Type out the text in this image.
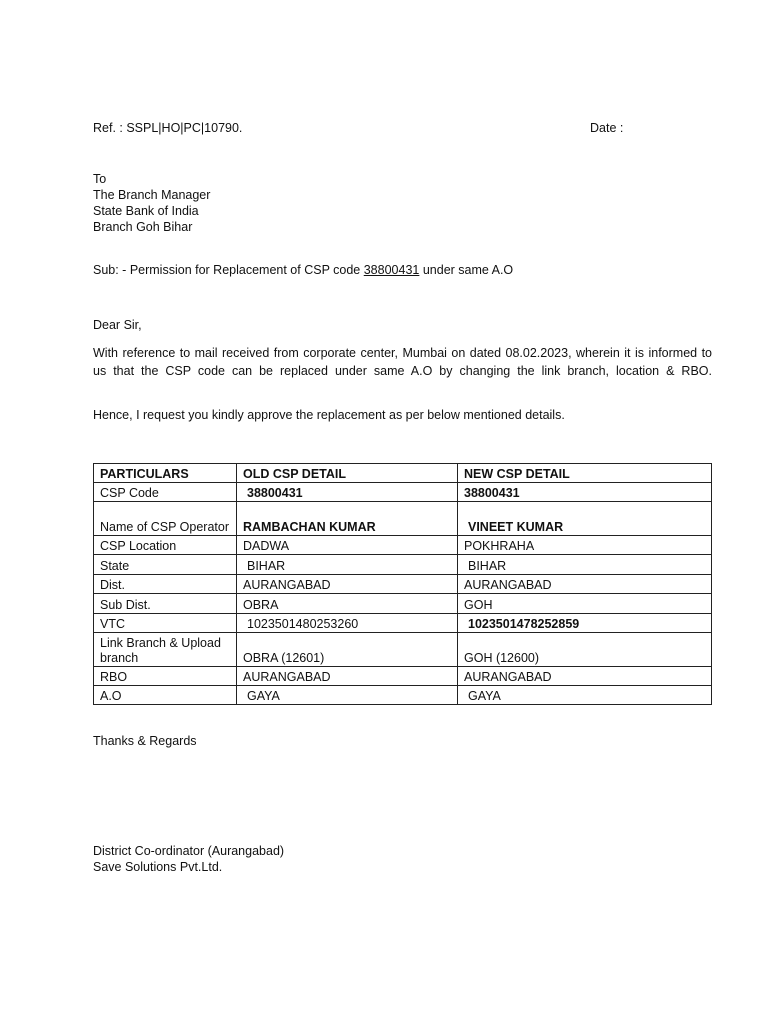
Ref. : SSPL|HO|PC|10790.	Date :
To
The Branch Manager
State Bank of India
Branch Goh Bihar
Sub: - Permission for Replacement of CSP code 38800431 under same A.O
Dear Sir,
With reference to mail received from corporate center, Mumbai on dated 08.02.2023, wherein it is informed to us that the CSP code can be replaced under same A.O by changing the link branch, location & RBO.
Hence, I request you kindly approve the replacement as per below mentioned details.
PARTICULARS	OLD CSP DETAIL	NEW CSP DETAIL
CSP Code	38800431	38800431
Name of CSP Operator	RAMBACHAN KUMAR	VINEET KUMAR
CSP Location	DADWA	POKHRAHA
State	BIHAR	BIHAR
Dist.	AURANGABAD	AURANGABAD
Sub Dist.	OBRA	GOH
VTC	1023501480253260	1023501478252859
Link Branch & Upload branch	OBRA (12601)	GOH (12600)
RBO	AURANGABAD	AURANGABAD
A.O	GAYA	GAYA
Thanks & Regards
District Co-ordinator (Aurangabad)
Save Solutions Pvt.Ltd.
